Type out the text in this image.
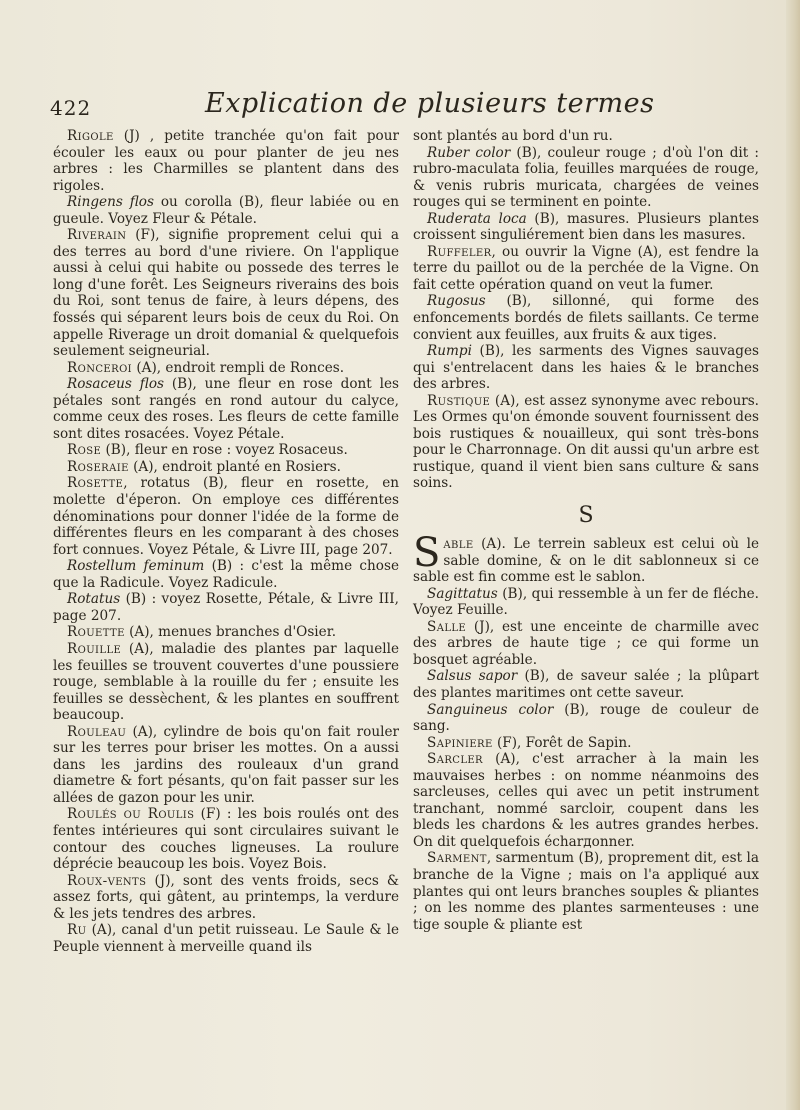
422	Explication de plusieurs termes

Rigole (J) , petite tranchée qu'on fait pour écouler les eaux ou pour planter de jeu nes arbres : les Charmilles se plantent dans des rigoles.

Ringens flos ou corolla (B), fleur labiée ou en gueule. Voyez Fleur & Pétale.

Riverain (F), signifie proprement celui qui a des terres au bord d'une riviere. On l'applique aussi à celui qui habite ou possede des terres le long d'une forêt. Les Seigneurs riverains des bois du Roi, sont tenus de faire, à leurs dépens, des fossés qui séparent leurs bois de ceux du Roi. On appelle Riverage un droit domanial & quelquefois seulement seigneurial.

Ronceroi (A), endroit rempli de Ronces.

Rosaceus flos (B), une fleur en rose dont les pétales sont rangés en rond autour du calyce, comme ceux des roses. Les fleurs de cette famille sont dites rosacées. Voyez Pétale.

Rose (B), fleur en rose : voyez Rosaceus.

Roseraie (A), endroit planté en Rosiers.

Rosette, rotatus (B), fleur en rosette, en molette d'éperon. On employe ces différentes dénominations pour donner l'idée de la forme de différentes fleurs en les comparant à des choses fort connues. Voyez Pétale, & Livre III, page 207.

Rostellum feminum (B) : c'est la même chose que la Radicule. Voyez Radicule.

Rotatus (B) : voyez Rosette, Pétale, & Livre III, page 207.

Rouette (A), menues branches d'Osier.

Rouille (A), maladie des plantes par laquelle les feuilles se trouvent couvertes d'une poussiere rouge, semblable à la rouille du fer ; ensuite les feuilles se dessèchent, & les plantes en souffrent beaucoup.

Rouleau (A), cylindre de bois qu'on fait rouler sur les terres pour briser les mottes. On a aussi dans les jardins des rouleaux d'un grand diametre & fort pésants, qu'on fait passer sur les allées de gazon pour les unir.

Roulés ou Roulis (F) : les bois roulés ont des fentes intérieures qui sont circulaires suivant le contour des couches ligneuses. La roulure déprécie beaucoup les bois. Voyez Bois.

Roux-vents (J), sont des vents froids, secs & assez forts, qui gâtent, au printemps, la verdure & les jets tendres des arbres.

Ru (A), canal d'un petit ruisseau. Le Saule & le Peuple viennent à merveille quand ils

sont plantés au bord d'un ru.

Ruber color (B), couleur rouge ; d'où l'on dit : rubro-maculata folia, feuilles marquées de rouge, & venis rubris muricata, chargées de veines rouges qui se terminent en pointe.

Ruderata loca (B), masures. Plusieurs plantes croissent singuliérement bien dans les masures.

Ruffeler, ou ouvrir la Vigne (A), est fendre la terre du paillot ou de la perchée de la Vigne. On fait cette opération quand on veut la fumer.

Rugosus (B), sillonné, qui forme des enfoncements bordés de filets saillants. Ce terme convient aux feuilles, aux fruits & aux tiges.

Rumpi (B), les sarments des Vignes sauvages qui s'entrelacent dans les haies & le branches des arbres.

Rustique (A), est assez synonyme avec rebours. Les Ormes qu'on émonde souvent fournissent des bois rustiques & nouailleux, qui sont très-bons pour le Charronnage. On dit aussi qu'un arbre est rustique, quand il vient bien sans culture & sans soins.

S

Sable (A). Le terrein sableux est celui où le sable domine, & on le dit sablonneux si ce sable est fin comme est le sablon.

Sagittatus (B), qui ressemble à un fer de fléche. Voyez Feuille.

Salle (J), est une enceinte de charmille avec des arbres de haute tige ; ce qui forme un bosquet agréable.

Salsus sapor (B), de saveur salée ; la plûpart des plantes maritimes ont cette saveur.

Sanguineus color (B), rouge de couleur de sang.

Sapiniere (F), Forêt de Sapin.

Sarcler (A), c'est arracher à la main les mauvaises herbes : on nomme néanmoins des sarcleuses, celles qui avec un petit instrument tranchant, nommé sarcloir, coupent dans les bleds les chardons & les autres grandes herbes. On dit quelquefois écharдonner.

Sarment, sarmentum (B), proprement dit, est la branche de la Vigne ; mais on l'a appliqué aux plantes qui ont leurs branches souples & pliantes ; on les nomme des plantes sarmenteuses : une tige souple & pliante est
